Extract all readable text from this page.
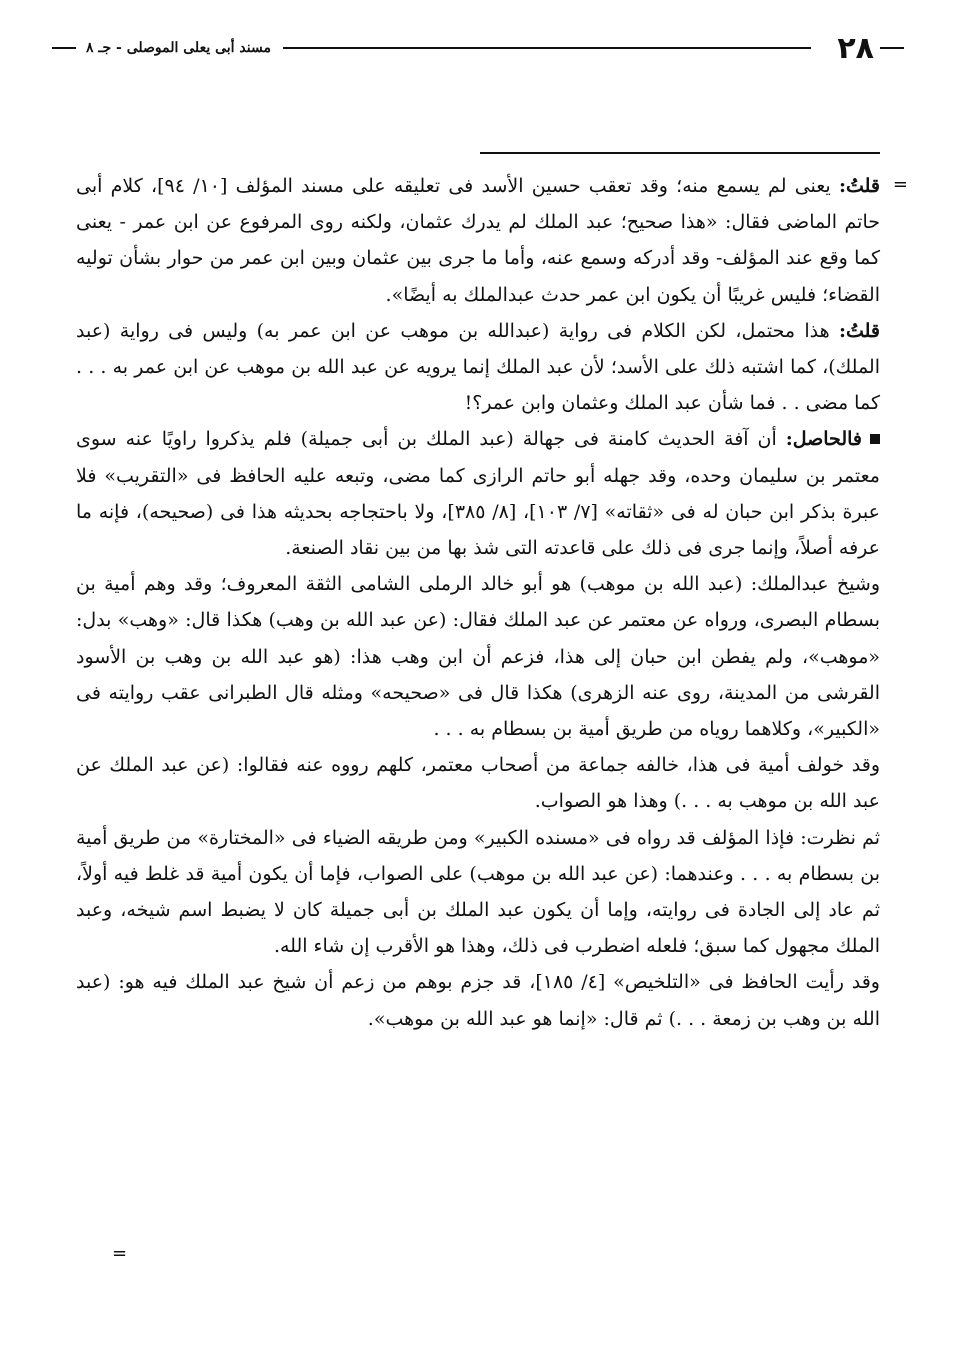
٢٨
مسند أبى يعلى الموصلى - جـ ٨
=

قلتُ: يعنى لم يسمع منه؛ وقد تعقب حسين الأسد فى تعليقه على مسند المؤلف [١٠/ ٩٤]، كلام أبى حاتم الماضى فقال: «هذا صحيح؛ عبد الملك لم يدرك عثمان، ولكنه روى المرفوع عن ابن عمر - يعنى كما وقع عند المؤلف- وقد أدركه وسمع عنه، وأما ما جرى بين عثمان وبين ابن عمر من حوار بشأن توليه القضاء؛ فليس غريبًا أن يكون ابن عمر حدث عبدالملك به أيضًا».

قلتُ: هذا محتمل، لكن الكلام فى رواية (عبدالله بن موهب عن ابن عمر به) وليس فى رواية (عبد الملك)، كما اشتبه ذلك على الأسد؛ لأن عبد الملك إنما يرويه عن عبد الله بن موهب عن ابن عمر به . . . كما مضى . . فما شأن عبد الملك وعثمان وابن عمر؟!

فالحاصل: أن آفة الحديث كامنة فى جهالة (عبد الملك بن أبى جميلة) فلم يذكروا راويًا عنه سوى معتمر بن سليمان وحده، وقد جهله أبو حاتم الرازى كما مضى، وتبعه عليه الحافظ فى «التقريب» فلا عبرة بذكر ابن حبان له فى «ثقاته» [٧/ ١٠٣]، [٨/ ٣٨٥]، ولا باحتجاجه بحديثه هذا فى (صحيحه)، فإنه ما عرفه أصلاً، وإنما جرى فى ذلك على قاعدته التى شذ بها من بين نقاد الصنعة.

وشيخ عبدالملك: (عبد الله بن موهب) هو أبو خالد الرملى الشامى الثقة المعروف؛ وقد وهم أمية بن بسطام البصرى، ورواه عن معتمر عن عبد الملك فقال: (عن عبد الله بن وهب) هكذا قال: «وهب» بدل: «موهب»، ولم يفطن ابن حبان إلى هذا، فزعم أن ابن وهب هذا: (هو عبد الله بن وهب بن الأسود القرشى من المدينة، روى عنه الزهرى) هكذا قال فى «صحيحه» ومثله قال الطبرانى عقب روايته فى «الكبير»، وكلاهما روياه من طريق أمية بن بسطام به . . .

وقد خولف أمية فى هذا، خالفه جماعة من أصحاب معتمر، كلهم رووه عنه فقالوا: (عن عبد الملك عن عبد الله بن موهب به . . .) وهذا هو الصواب.

ثم نظرت: فإذا المؤلف قد رواه فى «مسنده الكبير» ومن طريقه الضياء فى «المختارة» من طريق أمية بن بسطام به . . . وعندهما: (عن عبد الله بن موهب) على الصواب، فإما أن يكون أمية قد غلط فيه أولاً، ثم عاد إلى الجادة فى روايته، وإما أن يكون عبد الملك بن أبى جميلة كان لا يضبط اسم شيخه، وعبد الملك مجهول كما سبق؛ فلعله اضطرب فى ذلك، وهذا هو الأقرب إن شاء الله.

وقد رأيت الحافظ فى «التلخيص» [٤/ ١٨٥]، قد جزم بوهم من زعم أن شيخ عبد الملك فيه هو: (عبد الله بن وهب بن زمعة . . .) ثم قال: «إنما هو عبد الله بن موهب».

=
